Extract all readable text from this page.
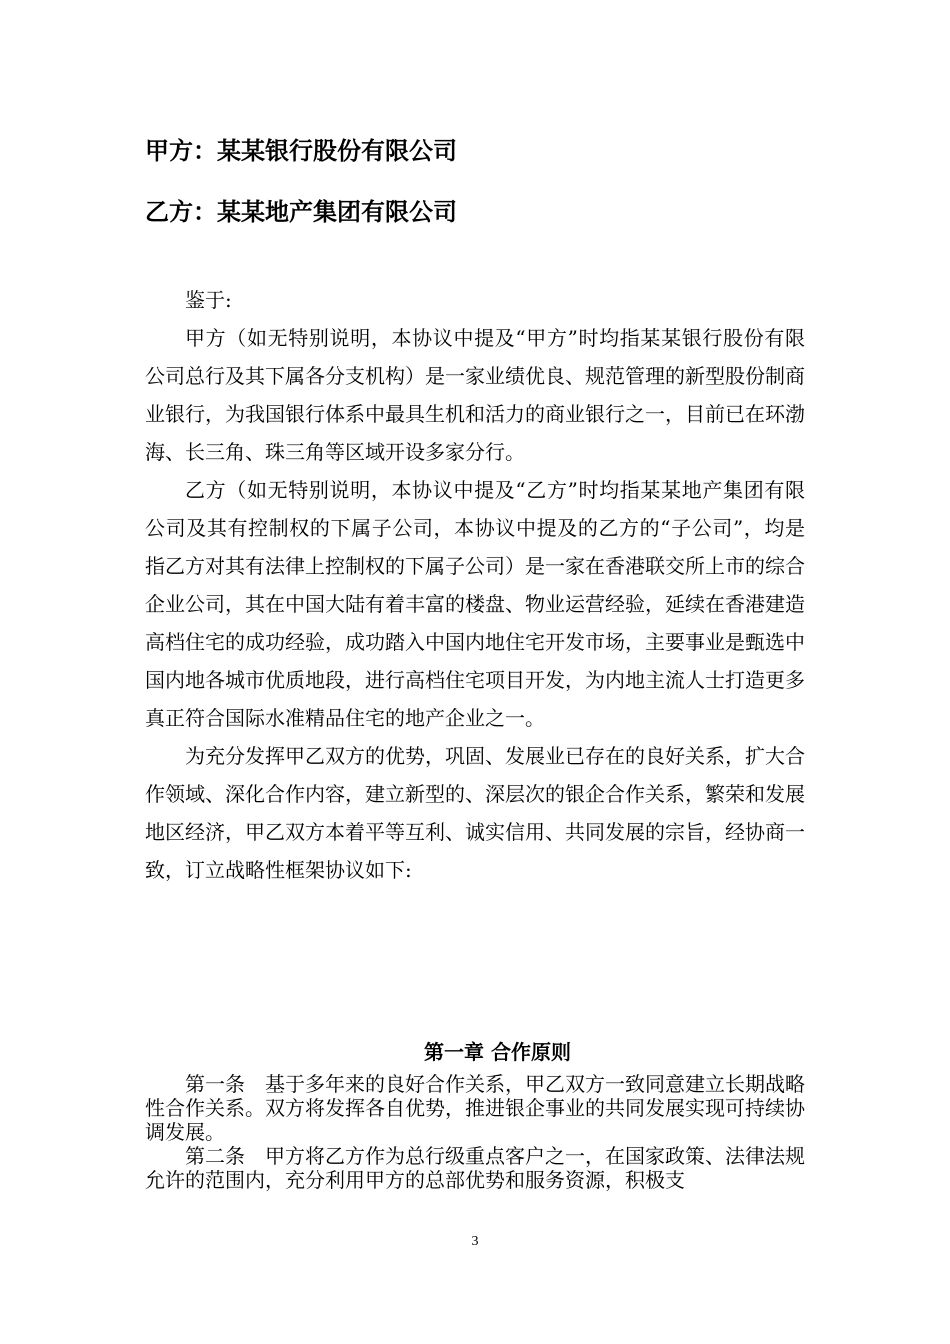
甲方：某某银行股份有限公司
乙方：某某地产集团有限公司

鉴于:

甲方（如无特别说明，本协议中提及“甲方”时均指某某银行股份有限公司总行及其下属各分支机构）是一家业绩优良、规范管理的新型股份制商业银行，为我国银行体系中最具生机和活力的商业银行之一，目前已在环渤海、长三角、珠三角等区域开设多家分行。

乙方（如无特别说明，本协议中提及“乙方”时均指某某地产集团有限公司及其有控制权的下属子公司，本协议中提及的乙方的“子公司”，均是指乙方对其有法律上控制权的下属子公司）是一家在香港联交所上市的综合企业公司，其在中国大陆有着丰富的楼盘、物业运营经验，延续在香港建造高档住宅的成功经验，成功踏入中国内地住宅开发市场，主要事业是甄选中国内地各城市优质地段，进行高档住宅项目开发，为内地主流人士打造更多真正符合国际水准精品住宅的地产企业之一。

为充分发挥甲乙双方的优势，巩固、发展业已存在的良好关系，扩大合作领域、深化合作内容，建立新型的、深层次的银企合作关系，繁荣和发展地区经济，甲乙双方本着平等互利、诚实信用、共同发展的宗旨，经协商一致，订立战略性框架协议如下:

第一章 合作原则

第一条 基于多年来的良好合作关系，甲乙双方一致同意建立长期战略性合作关系。双方将发挥各自优势，推进银企事业的共同发展实现可持续协调发展。

第二条 甲方将乙方作为总行级重点客户之一，在国家政策、法律法规允许的范围内，充分利用甲方的总部优势和服务资源，积极支

3
